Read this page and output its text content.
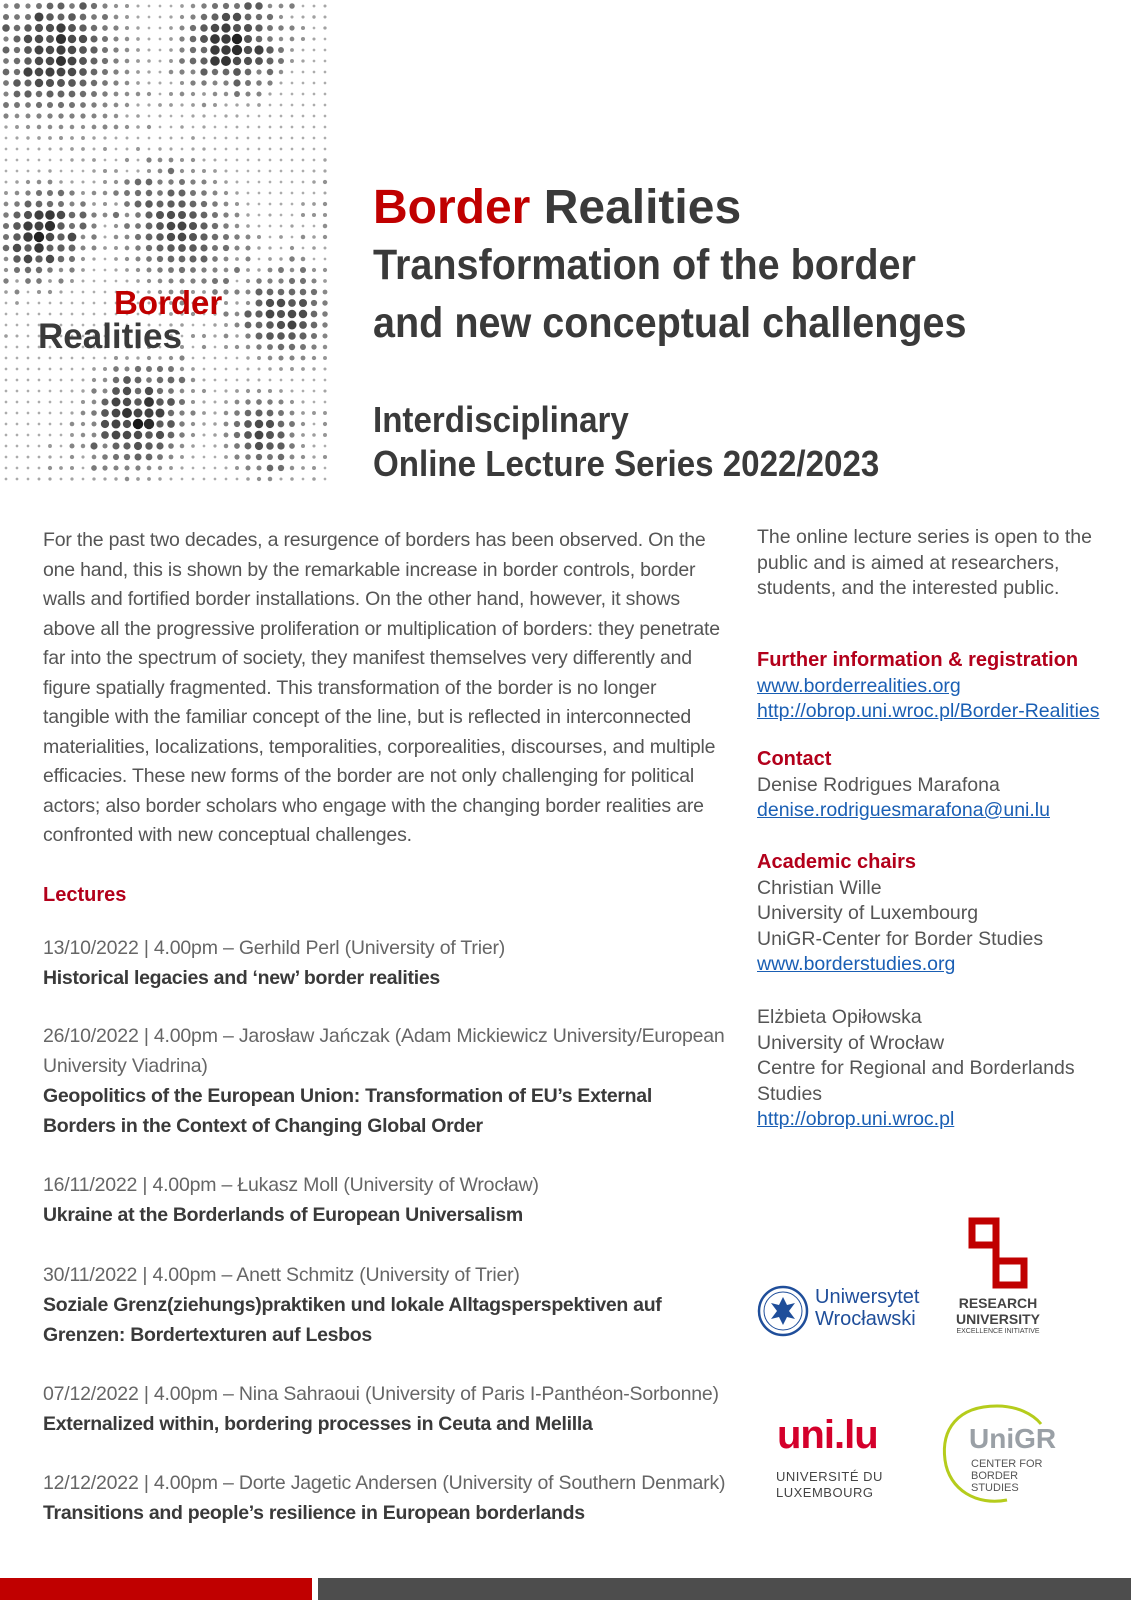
Border
Realities
Border Realities
Transformation of the border
and new conceptual challenges
Interdisciplinary
Online Lecture Series 2022/2023
For the past two decades, a resurgence of borders has been observed. On the one hand, this is shown by the remarkable increase in border controls, border walls and fortified border installations. On the other hand, however, it shows above all the progressive proliferation or multiplication of borders: they penetrate far into the spectrum of society, they manifest themselves very differently and figure spatially fragmented. This transformation of the border is no longer tangible with the familiar concept of the line, but is reflected in interconnected materialities, localizations, temporalities, corporealities, discourses, and multiple efficacies. These new forms of the border are not only challenging for political actors; also border scholars who engage with the changing border realities are confronted with new conceptual challenges.
Lectures
13/10/2022 | 4.00pm – Gerhild Perl (University of Trier)
Historical legacies and ‘new’ border realities
26/10/2022 | 4.00pm – Jarosław Jańczak (Adam Mickiewicz University/European University Viadrina)
Geopolitics of the European Union: Transformation of EU’s External Borders in the Context of Changing Global Order
16/11/2022 | 4.00pm – Łukasz Moll (University of Wrocław)
Ukraine at the Borderlands of European Universalism
30/11/2022 | 4.00pm – Anett Schmitz (University of Trier)
Soziale Grenz(ziehungs)praktiken und lokale Alltagsperspektiven auf Grenzen: Bordertexturen auf Lesbos
07/12/2022 | 4.00pm – Nina Sahraoui (University of Paris I-Panthéon-Sorbonne)
Externalized within, bordering processes in Ceuta and Melilla
12/12/2022 | 4.00pm – Dorte Jagetic Andersen (University of Southern Denmark)
Transitions and people’s resilience in European borderlands
The online lecture series is open to the public and is aimed at researchers, students, and the interested public.
Further information & registration
www.borderrealities.org
http://obrop.uni.wroc.pl/Border-Realities
Contact
Denise Rodrigues Marafona
denise.rodriguesmarafona@uni.lu
Academic chairs
Christian Wille
University of Luxembourg
UniGR-Center for Border Studies
www.borderstudies.org
Elżbieta Opiłowska
University of Wrocław
Centre for Regional and Borderlands Studies
http://obrop.uni.wroc.pl
Uniwersytet
Wrocławski
RESEARCH
UNIVERSITY
EXCELLENCE INITIATIVE
uni.lu
UNIVERSITÉ DU
LUXEMBOURG
UniGR
CENTER FOR
BORDER STUDIES
